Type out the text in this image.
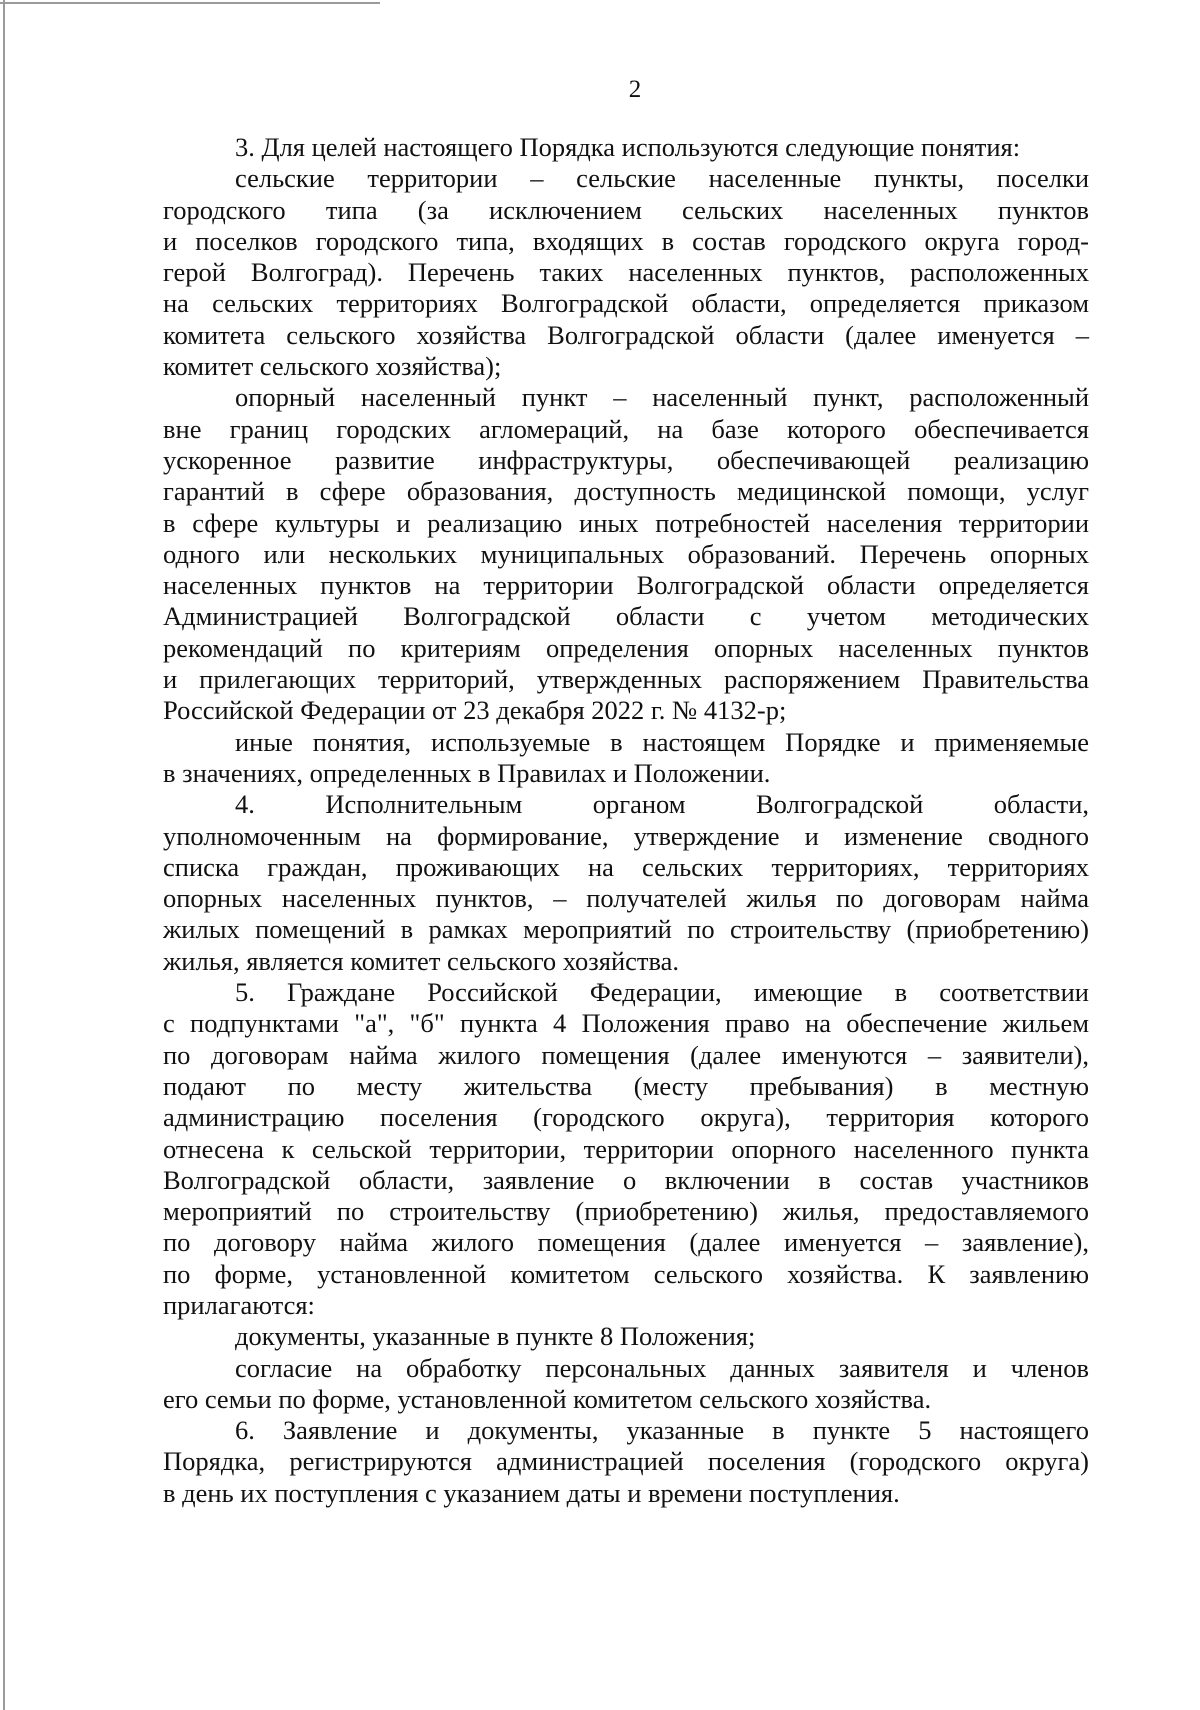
2

3. Для целей настоящего Порядка используются следующие понятия:

сельские территории – сельские населенные пункты, поселки
городского типа (за исключением сельских населенных пунктов
и поселков городского типа, входящих в состав городского округа город-
герой Волгоград). Перечень таких населенных пунктов, расположенных
на сельских территориях Волгоградской области, определяется приказом
комитета сельского хозяйства Волгоградской области (далее именуется –
комитет сельского хозяйства);

опорный населенный пункт – населенный пункт, расположенный
вне границ городских агломераций, на базе которого обеспечивается
ускоренное развитие инфраструктуры, обеспечивающей реализацию
гарантий в сфере образования, доступность медицинской помощи, услуг
в сфере культуры и реализацию иных потребностей населения территории
одного или нескольких муниципальных образований. Перечень опорных
населенных пунктов на территории Волгоградской области определяется
Администрацией Волгоградской области с учетом методических
рекомендаций по критериям определения опорных населенных пунктов
и прилегающих территорий, утвержденных распоряжением Правительства
Российской Федерации от 23 декабря 2022 г. № 4132-р;

иные понятия, используемые в настоящем Порядке и применяемые
в значениях, определенных в Правилах и Положении.

4. Исполнительным органом Волгоградской области,
уполномоченным на формирование, утверждение и изменение сводного
списка граждан, проживающих на сельских территориях, территориях
опорных населенных пунктов, – получателей жилья по договорам найма
жилых помещений в рамках мероприятий по строительству (приобретению)
жилья, является комитет сельского хозяйства.

5. Граждане Российской Федерации, имеющие в соответствии
с подпунктами "а", "б" пункта 4 Положения право на обеспечение жильем
по договорам найма жилого помещения (далее именуются – заявители),
подают по месту жительства (месту пребывания) в местную
администрацию поселения (городского округа), территория которого
отнесена к сельской территории, территории опорного населенного пункта
Волгоградской области, заявление о включении в состав участников
мероприятий по строительству (приобретению) жилья, предоставляемого
по договору найма жилого помещения (далее именуется – заявление),
по форме, установленной комитетом сельского хозяйства. К заявлению
прилагаются:

документы, указанные в пункте 8 Положения;

согласие на обработку персональных данных заявителя и членов
его семьи по форме, установленной комитетом сельского хозяйства.

6. Заявление и документы, указанные в пункте 5 настоящего
Порядка, регистрируются администрацией поселения (городского округа)
в день их поступления с указанием даты и времени поступления.
